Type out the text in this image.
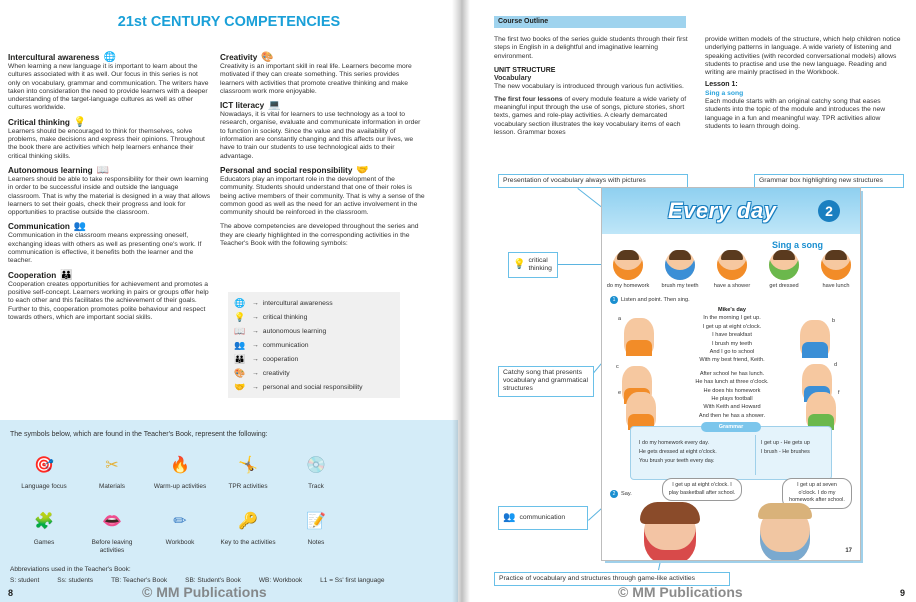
21st CENTURY COMPETENCIES
Intercultural awareness 🌐

When learning a new language it is important to learn about the cultures associated with it as well. Our focus in this series is not only on vocabulary, grammar and communication. The writers have taken into consideration the need to provide learners with a deeper understanding of the target-language cultures as well as other cultures worldwide.

Critical thinking 💡

Learners should be encouraged to think for themselves, solve problems, make decisions and express their opinions. Throughout the book there are activities which help learners enhance their critical thinking skills.

Autonomous learning 📖

Learners should be able to take responsibility for their own learning in order to be successful inside and outside the language classroom. That is why the material is designed in a way that allows learners to set their goals, check their progress and look for opportunities to practise outside the classroom.

Communication 👥

Communication in the classroom means expressing oneself, exchanging ideas with others as well as presenting one's work. If communication is effective, it benefits both the learner and the teacher.

Cooperation 👪

Cooperation creates opportunities for achievement and promotes a positive self-concept. Learners working in pairs or groups offer help to each other and this facilitates the achievement of their goals. Further to this, cooperation promotes polite behaviour and respect towards others, which are important social skills.

Creativity 🎨

Creativity is an important skill in real life. Learners become more motivated if they can create something. This series provides learners with activities that promote creative thinking and make classroom work more enjoyable.

ICT literacy 💻

Nowadays, it is vital for learners to use technology as a tool to research, organise, evaluate and communicate information in order to function in society. Since the value and the availability of information are constantly changing and this affects our lives, we have to train our students to use technological aids to their advantage.

Personal and social responsibility 🤝

Educators play an important role in the development of the community. Students should understand that one of their roles is being active members of their community. That is why a sense of the common good as well as the need for an active involvement in the community should be reinforced in the classroom.

The above competencies are developed throughout the series and they are clearly highlighted in the corresponding activities in the Teacher's Book with the following symbols:
🌐 → intercultural awareness
💡 → critical thinking
📖 → autonomous learning
👥 → communication
👪 → cooperation
🎨 → creativity
🤝 → personal and social responsibility
The symbols below, which are found in the Teacher's Book, represent the following:
🎯
Language focus
✂
Materials
🔥
Warm-up activities
🤸
TPR activities
💿
Track
🧩
Games
👄
Before leaving activities
✏
Workbook
🔑
Key to the activities
📝
Notes
Abbreviations used in the Teacher's Book:
S: student	Ss: students	TB: Teacher's Book	SB: Student's Book	WB: Workbook	L1 = Ss' first language
8	© MM Publications
Course Outline

The first two books of the series guide students through their first steps in English in a delightful and imaginative learning environment.

UNIT STRUCTURE
Vocabulary

The new vocabulary is introduced through various fun activities.

The first four lessons of every module feature a wide variety of meaningful input through the use of songs, picture stories, short texts, games and role-play activities. A clearly demarcated vocabulary section illustrates the key vocabulary items of each lesson. Grammar boxes

provide written models of the structure, which help children notice underlying patterns in language. A wide variety of listening and speaking activities (with recorded conversational models) allows students to practise and use the new language. Reading and writing are mainly practised in the Workbook.

Lesson 1:
Sing a song

Each module starts with an original catchy song that eases students into the topic of the module and introduces the new language in a fun and meaningful way. TPR activities allow students to learn through doing.

Presentation of vocabulary always with pictures	Grammar box highlighting new structures
💡 critical thinking
Catchy song that presents vocabulary and grammatical structures
👥 communication
Practice of vocabulary and structures through game-like activities
Every day	2
Sing a song
do my homework	brush my teeth	have a shower	get dressed	have lunch
1 Listen and point. Then sing.
a	b
c	d
e	f
Mike's day
In the morning I get up.
I get up at eight o'clock.
I have breakfast
I brush my teeth
And I go to school
With my best friend, Keith.
After school he has lunch.
He has lunch at three o'clock.
He does his homework
He plays football
With Keith and Howard
And then he has a shower.
Grammar
I do my homework every day.
He gets dressed at eight o'clock.
You brush your teeth every day.
I get up - He gets up
I brush - He brushes
2 Say.
I get up at eight o'clock. I play basketball after school.
I get up at seven o'clock. I do my homework after school.
17
© MM Publications	9
